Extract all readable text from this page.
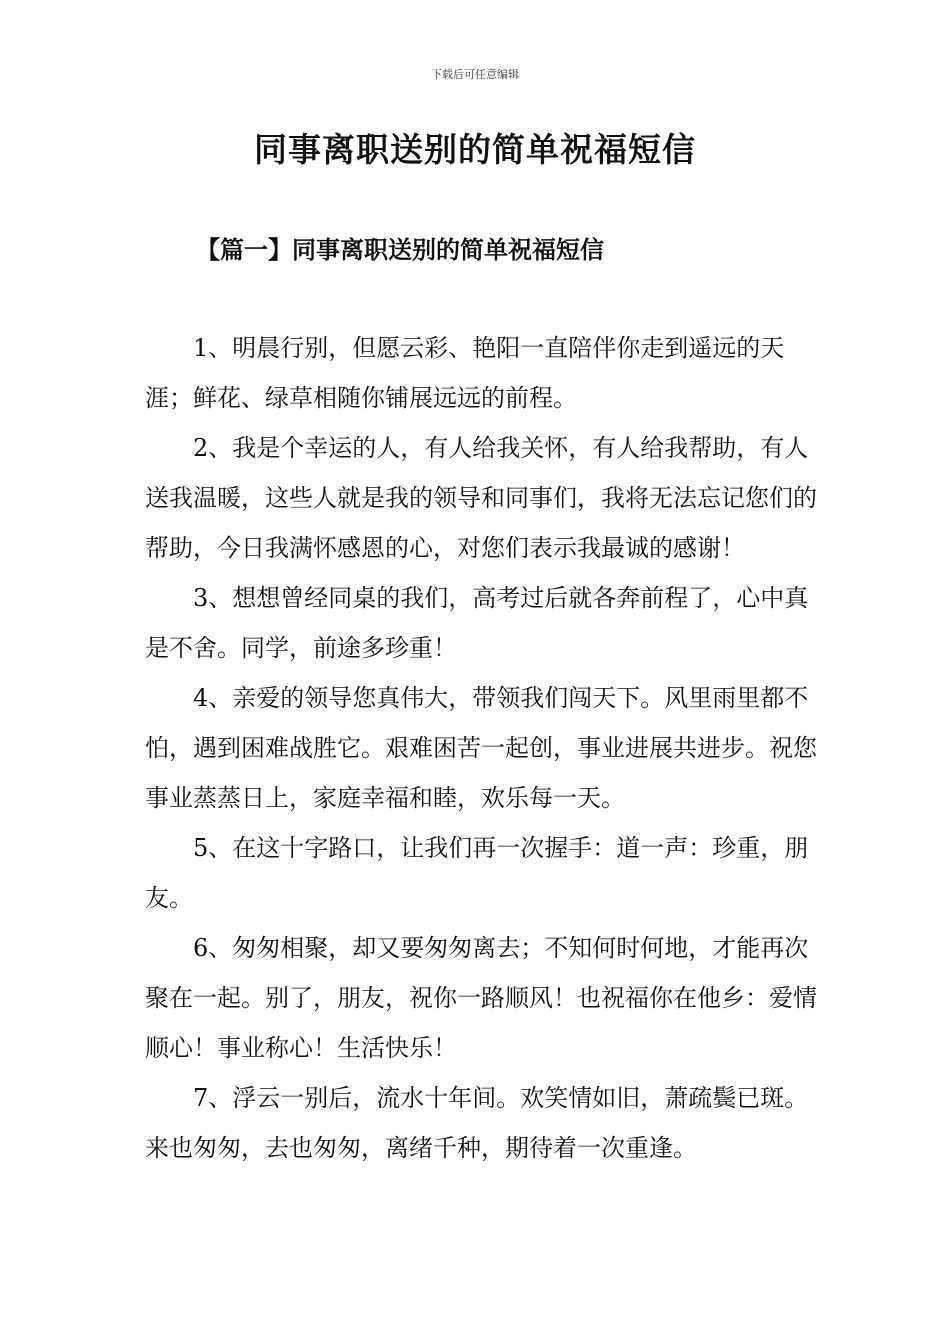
下载后可任意编辑
同事离职送别的简单祝福短信
【篇一】同事离职送别的简单祝福短信

1、明晨行别，但愿云彩、艳阳一直陪伴你走到遥远的天涯；鲜花、绿草相随你铺展远远的前程。

2、我是个幸运的人，有人给我关怀，有人给我帮助，有人送我温暖，这些人就是我的领导和同事们，我将无法忘记您们的帮助，今日我满怀感恩的心，对您们表示我最诚的感谢！

3、想想曾经同桌的我们，高考过后就各奔前程了，心中真是不舍。同学，前途多珍重！

4、亲爱的领导您真伟大，带领我们闯天下。风里雨里都不怕，遇到困难战胜它。艰难困苦一起创，事业进展共进步。祝您事业蒸蒸日上，家庭幸福和睦，欢乐每一天。

5、在这十字路口，让我们再一次握手：道一声：珍重，朋友。

6、匆匆相聚，却又要匆匆离去；不知何时何地，才能再次聚在一起。别了，朋友，祝你一路顺风！也祝福你在他乡：爱情顺心！事业称心！生活快乐！

7、浮云一别后，流水十年间。欢笑情如旧，萧疏鬓已斑。来也匆匆，去也匆匆，离绪千种，期待着一次重逢。
